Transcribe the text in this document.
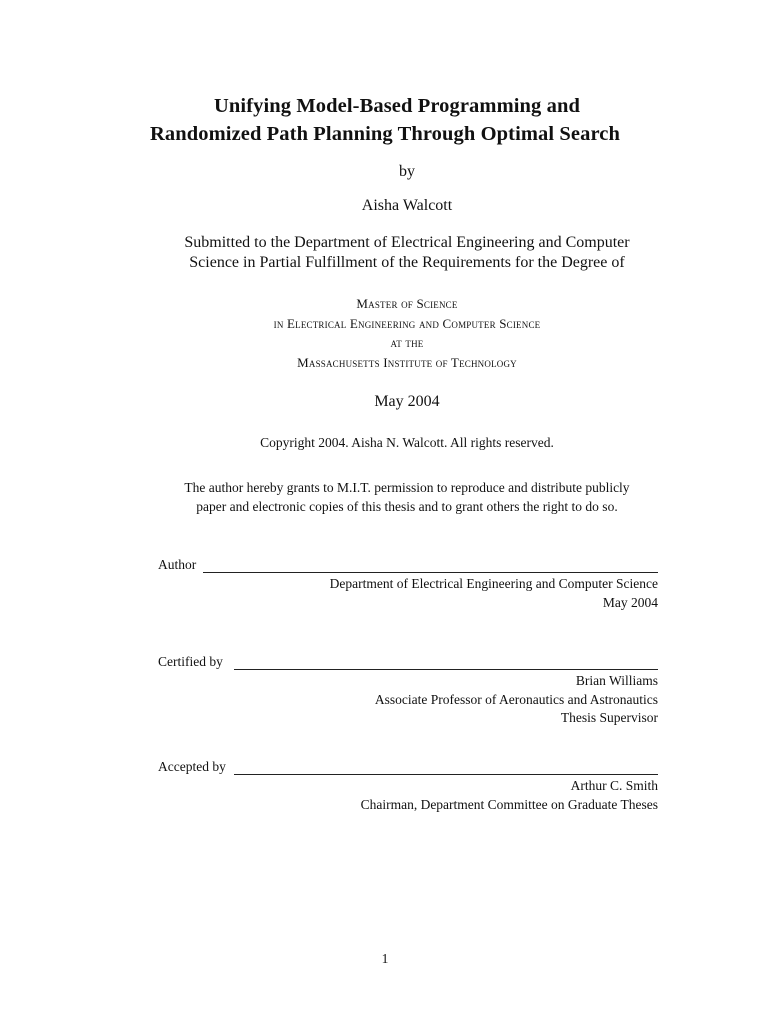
Unifying Model-Based Programming and
Randomized Path Planning Through Optimal Search
by
Aisha Walcott
Submitted to the Department of Electrical Engineering and Computer
Science in Partial Fulfillment of the Requirements for the Degree of
Master of Science
in Electrical Engineering and Computer Science
at the
Massachusetts Institute of Technology
May 2004
Copyright 2004. Aisha N. Walcott. All rights reserved.
The author hereby grants to M.I.T. permission to reproduce and distribute publicly
paper and electronic copies of this thesis and to grant others the right to do so.
Author
Department of Electrical Engineering and Computer Science
May 2004
Certified by
Brian Williams
Associate Professor of Aeronautics and Astronautics
Thesis Supervisor
Accepted by
Arthur C. Smith
Chairman, Department Committee on Graduate Theses
1
